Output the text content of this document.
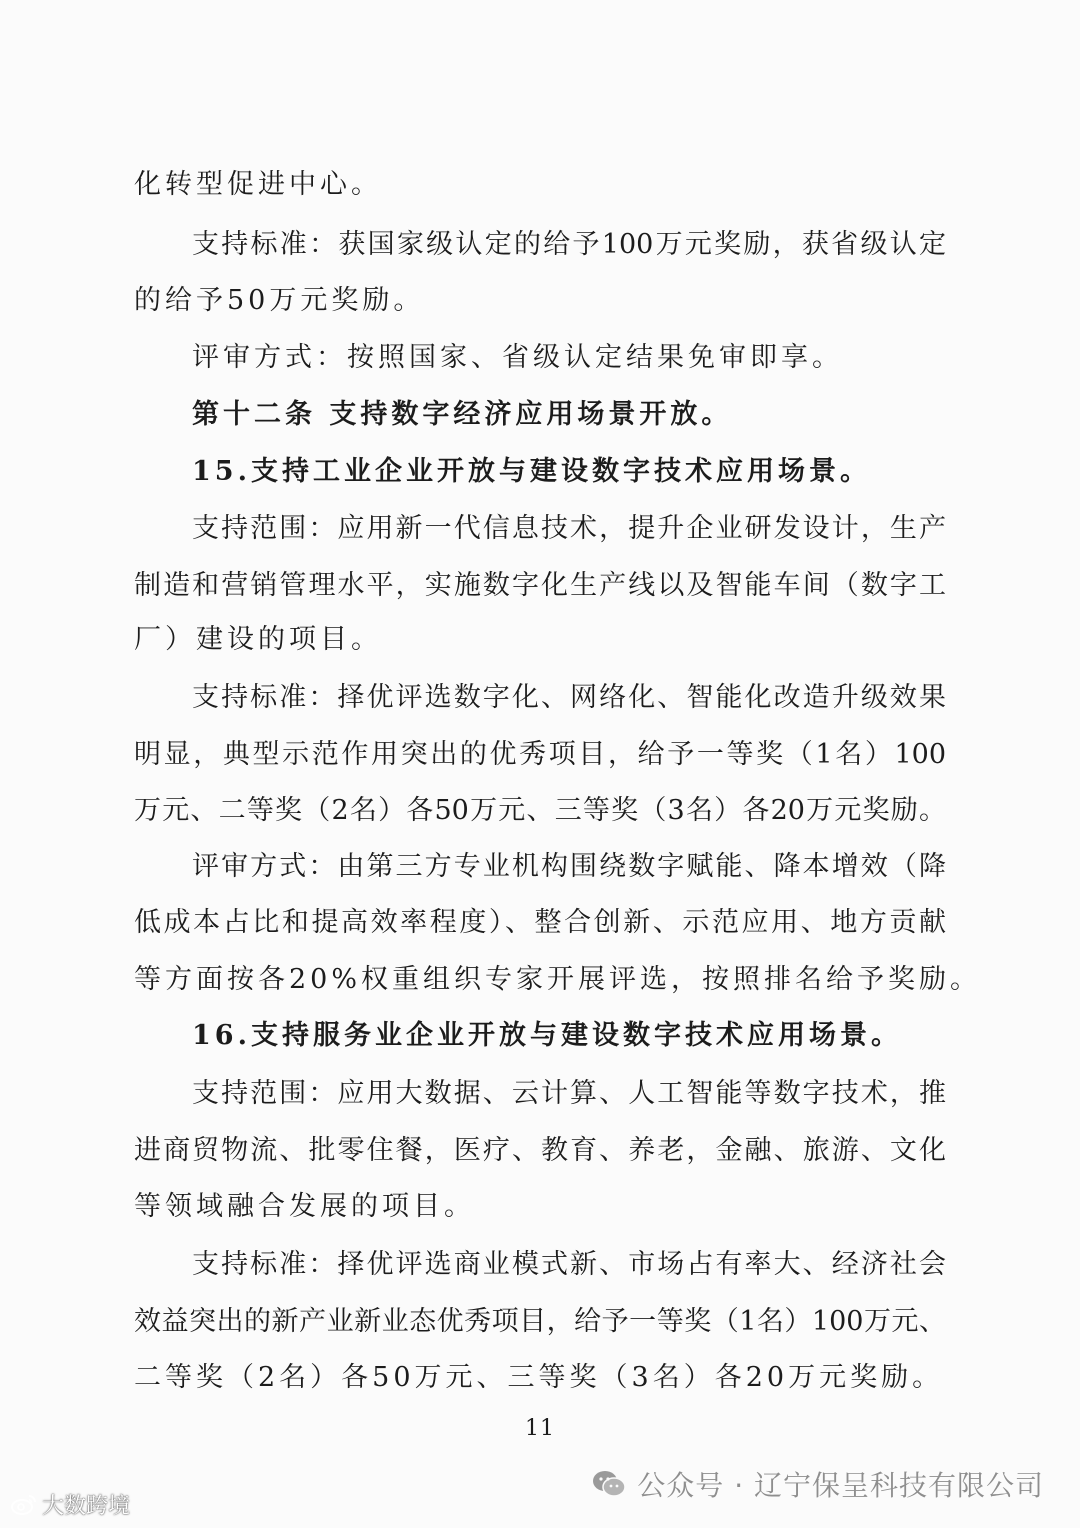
化转型促进中心。
支持标准：获国家级认定的给予100万元奖励，获省级认定
的给予50万元奖励。
评审方式：按照国家、省级认定结果免审即享。
第十二条 支持数字经济应用场景开放。
15.支持工业企业开放与建设数字技术应用场景。
支持范围：应用新一代信息技术，提升企业研发设计，生产
制造和营销管理水平，实施数字化生产线以及智能车间（数字工
厂）建设的项目。
支持标准：择优评选数字化、网络化、智能化改造升级效果
明显，典型示范作用突出的优秀项目，给予一等奖（1名）100
万元、二等奖（2名）各50万元、三等奖（3名）各20万元奖励。
评审方式：由第三方专业机构围绕数字赋能、降本增效（降
低成本占比和提高效率程度）、整合创新、示范应用、地方贡献
等方面按各20%权重组织专家开展评选，按照排名给予奖励。
16.支持服务业企业开放与建设数字技术应用场景。
支持范围：应用大数据、云计算、人工智能等数字技术，推
进商贸物流、批零住餐，医疗、教育、养老，金融、旅游、文化
等领域融合发展的项目。
支持标准：择优评选商业模式新、市场占有率大、经济社会
效益突出的新产业新业态优秀项目，给予一等奖（1名）100万元、
二等奖（2名）各50万元、三等奖（3名）各20万元奖励。
11
公众号 · 辽宁保呈科技有限公司
大数跨境
